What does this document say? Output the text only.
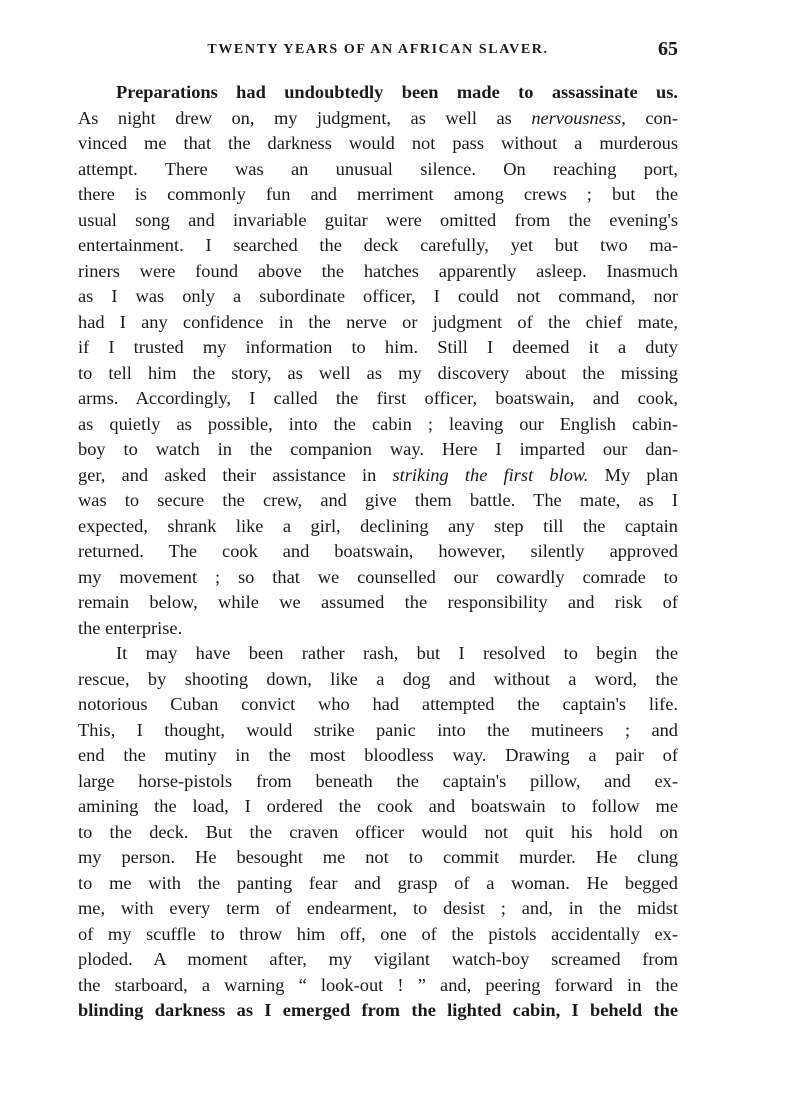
TWENTY YEARS OF AN AFRICAN SLAVER.	65
Preparations had undoubtedly been made to assassinate us.
As night drew on, my judgment, as well as nervousness, con-
vinced me that the darkness would not pass without a murderous
attempt. There was an unusual silence. On reaching port,
there is commonly fun and merriment among crews ; but the
usual song and invariable guitar were omitted from the evening's
entertainment. I searched the deck carefully, yet but two ma-
riners were found above the hatches apparently asleep. Inasmuch
as I was only a subordinate officer, I could not command, nor
had I any confidence in the nerve or judgment of the chief mate,
if I trusted my information to him. Still I deemed it a duty
to tell him the story, as well as my discovery about the missing
arms. Accordingly, I called the first officer, boatswain, and cook,
as quietly as possible, into the cabin ; leaving our English cabin-
boy to watch in the companion way. Here I imparted our dan-
ger, and asked their assistance in striking the first blow. My plan
was to secure the crew, and give them battle. The mate, as I
expected, shrank like a girl, declining any step till the captain
returned. The cook and boatswain, however, silently approved
my movement ; so that we counselled our cowardly comrade to
remain below, while we assumed the responsibility and risk of
the enterprise.
It may have been rather rash, but I resolved to begin the
rescue, by shooting down, like a dog and without a word, the
notorious Cuban convict who had attempted the captain's life.
This, I thought, would strike panic into the mutineers ; and
end the mutiny in the most bloodless way. Drawing a pair of
large horse-pistols from beneath the captain's pillow, and ex-
amining the load, I ordered the cook and boatswain to follow me
to the deck. But the craven officer would not quit his hold on
my person. He besought me not to commit murder. He clung
to me with the panting fear and grasp of a woman. He begged
me, with every term of endearment, to desist ; and, in the midst
of my scuffle to throw him off, one of the pistols accidentally ex-
ploded. A moment after, my vigilant watch-boy screamed from
the starboard, a warning “ look-out ! ” and, peering forward in the
blinding darkness as I emerged from the lighted cabin, I beheld the
